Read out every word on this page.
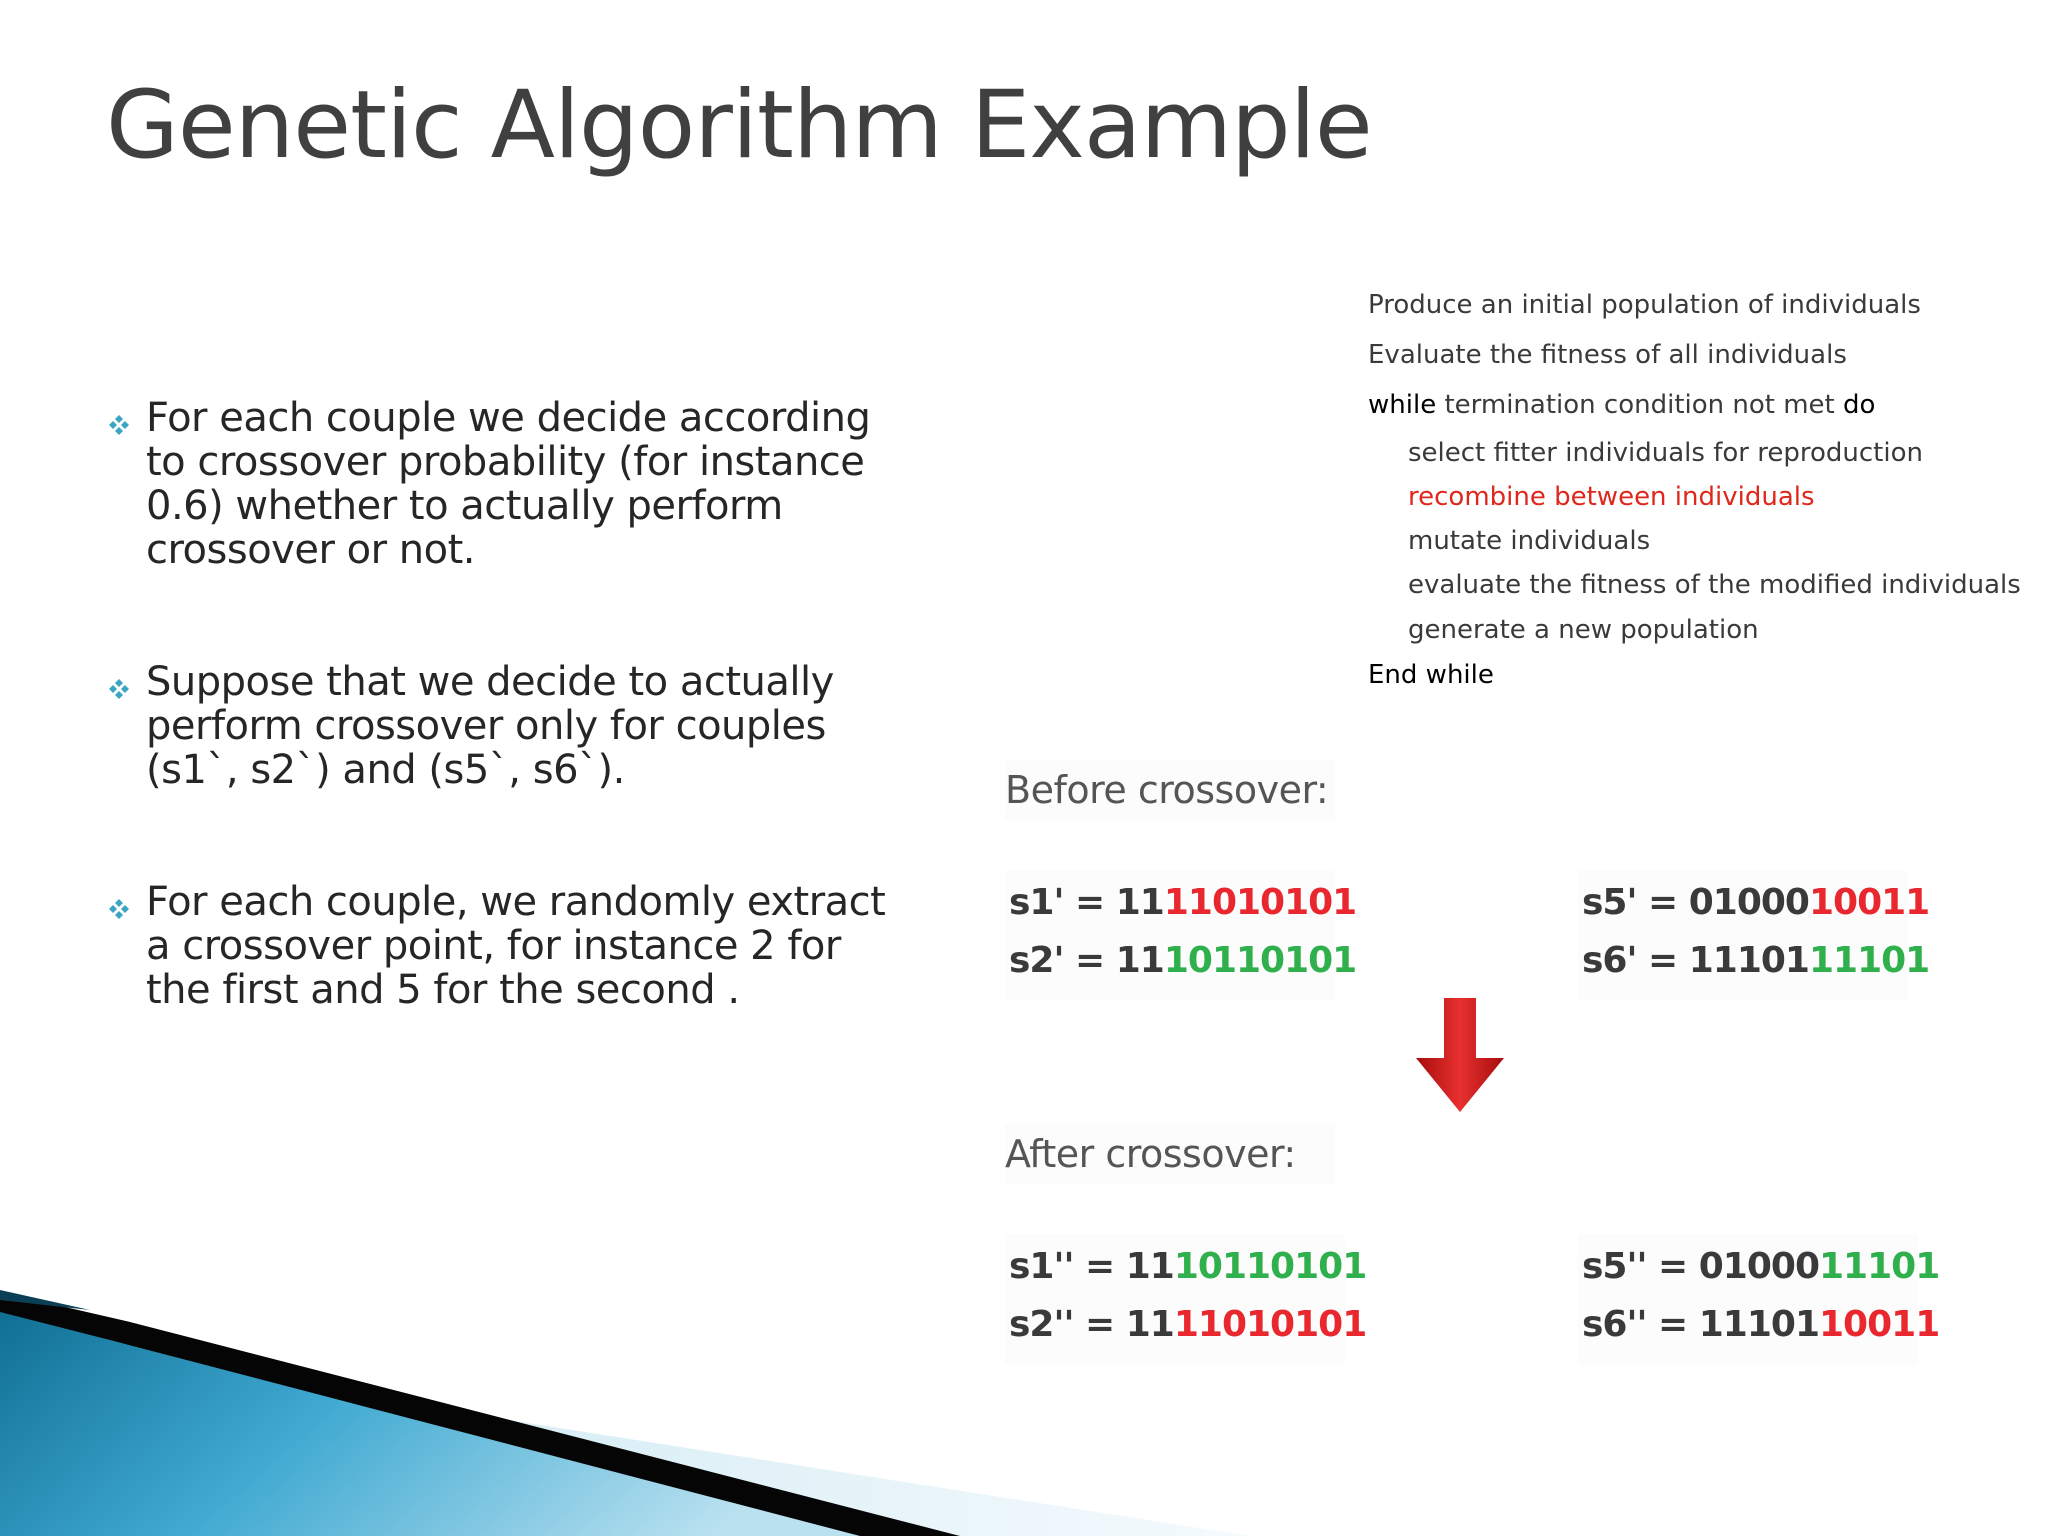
Genetic Algorithm Example
For each couple we decide according to crossover probability (for instance 0.6) whether to actually perform crossover or not.
Suppose that we decide to actually perform crossover only for couples (s1`, s2`) and (s5`, s6`).
For each couple, we randomly extract a crossover point, for instance 2 for the first and 5 for the second .
Produce an initial population of individuals
Evaluate the fitness of all individuals
while termination condition not met do
select fitter individuals for reproduction
recombine between individuals
mutate individuals
evaluate the fitness of the modified individuals
generate a new population
End while
Before crossover:
s1' = 1111010101
s2' = 1110110101
s5' = 0100010011
s6' = 1110111101
After crossover:
s1'' = 1110110101
s2'' = 1111010101
s5'' = 0100011101
s6'' = 1110110011
